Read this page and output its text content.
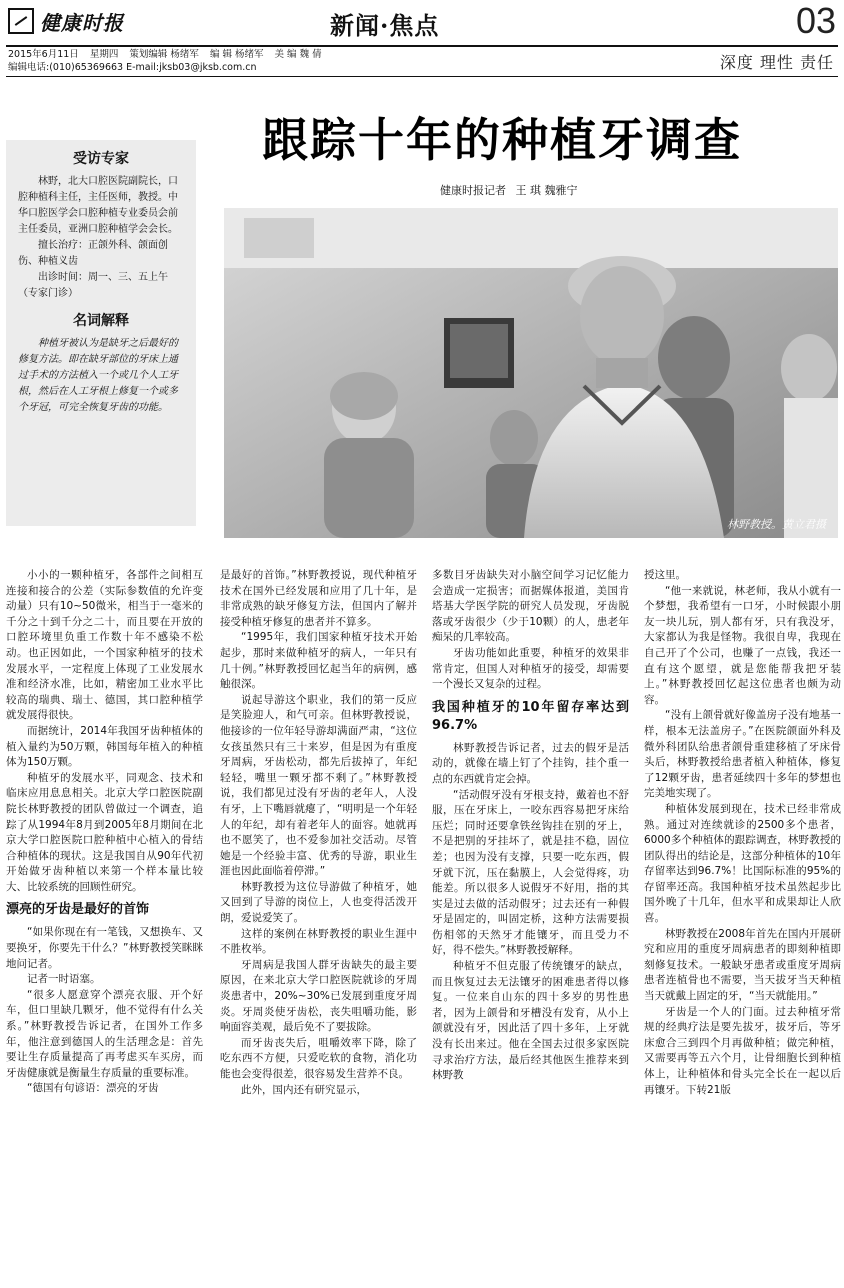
健康时报	新闻·焦点	03
2015年6月11日 星期四 策划编辑 杨绪军 编 辑 杨绪军 美 编 魏 倩
编辑电话:(010)65369663 E-mail:jksb03@jksb.com.cn	深度 理性 责任
受访专家

林野，北大口腔医院副院长，口腔种植科主任，主任医师，教授。中华口腔医学会口腔种植专业委员会前主任委员，亚洲口腔种植学会会长。

擅长治疗：正颌外科、颌面创伤、种植义齿

出诊时间：周一、三、五上午（专家门诊）

名词解释

种植牙被认为是缺牙之后最好的修复方法。即在缺牙部位的牙床上通过手术的方法植入一个或几个人工牙根，然后在人工牙根上修复一个或多个牙冠，可完全恢复牙齿的功能。

跟踪十年的种植牙调查
健康时报记者 王 琪 魏雅宁
林野教授。黄立君摄

小小的一颗种植牙，各部件之间相互连接和接合的公差（实际参数值的允许变动量）只有10~50微米，相当于一毫米的千分之十到千分之二十，而且要在开放的口腔环境里负重工作数十年不感染不松动。也正因如此，一个国家种植牙的技术发展水平，一定程度上体现了工业发展水准和经济水准，比如，精密加工业水平比较高的瑞典、瑞士、德国，其口腔种植学就发展得很快。

而据统计，2014年我国牙齿种植体的植入量约为50万颗，韩国每年植入的种植体为150万颗。

种植牙的发展水平，同观念、技术和临床应用息息相关。北京大学口腔医院副院长林野教授的团队曾做过一个调查，追踪了从1994年8月到2005年8月期间在北京大学口腔医院口腔种植中心植入的骨结合种植体的现状。这是我国自从90年代初开始做牙齿种植以来第一个样本量比较大、比较系统的回顾性研究。

漂亮的牙齿是最好的首饰

“如果你现在有一笔钱，又想换车、又要换牙，你要先干什么？”林野教授笑眯眯地问记者。

记者一时语塞。

“很多人愿意穿个漂亮衣服、开个好车，但口里缺几颗牙，他不觉得有什么关系。”林野教授告诉记者，在国外工作多年，他注意到德国人的生活理念是：首先要让生存质量提高了再考虑买车买房，而牙齿健康就是衡量生存质量的重要标准。

“德国有句谚语：漂亮的牙齿

是最好的首饰。”林野教授说，现代种植牙技术在国外已经发展和应用了几十年，是非常成熟的缺牙修复方法，但国内了解并接受种植牙修复的患者并不算多。

“1995年，我们国家种植牙技术开始起步，那时来做种植牙的病人，一年只有几十例。”林野教授回忆起当年的病例，感触很深。

说起导游这个职业，我们的第一反应是笑脸迎人，和气可亲。但林野教授说，他接诊的一位年轻导游却满面严肃，“这位女孩虽然只有三十来岁，但是因为有重度牙周病，牙齿松动，都先后拔掉了，年纪轻轻，嘴里一颗牙都不剩了。”林野教授说，我们都见过没有牙齿的老年人，人没有牙，上下嘴唇就瘪了，“明明是一个年轻人的年纪，却有着老年人的面容。她就再也不愿笑了，也不爱参加社交活动。尽管她是一个经验丰富、优秀的导游，职业生涯也因此面临着停滞。”

林野教授为这位导游做了种植牙，她又回到了导游的岗位上，人也变得活泼开朗，爱说爱笑了。

这样的案例在林野教授的职业生涯中不胜枚举。

牙周病是我国人群牙齿缺失的最主要原因，在来北京大学口腔医院就诊的牙周炎患者中，20%~30%已发展到重度牙周炎。牙周炎使牙齿松，丧失咀嚼功能，影响面容美观，最后免不了要拔除。

而牙齿丧失后，咀嚼效率下降，除了吃东西不方便，只爱吃软的食物，消化功能也会变得很差，很容易发生营养不良。

此外，国内还有研究显示，

多数目牙齿缺失对小脑空间学习记忆能力会造成一定损害；而据媒体报道，美国肯塔基大学医学院的研究人员发现，牙齿脱落或牙齿很少（少于10颗）的人，患老年痴呆的几率较高。

牙齿功能如此重要，种植牙的效果非常肯定，但国人对种植牙的接受，却需要一个漫长又复杂的过程。

我国种植牙的10年留存率达到96.7%

林野教授告诉记者，过去的假牙是活动的，就像在墙上钉了个挂钩，挂个重一点的东西就肯定会掉。

“活动假牙没有牙根支持，戴着也不舒服，压在牙床上，一咬东西容易把牙床给压烂；同时还要拿铁丝钩挂在别的牙上，不是把别的牙挂坏了，就是挂不稳，固位差；也因为没有支撑，只要一吃东西，假牙就下沉，压在黏膜上，人会觉得疼，功能差。所以很多人说假牙不好用，指的其实是过去做的活动假牙；过去还有一种假牙是固定的，叫固定桥，这种方法需要损伤相邻的天然牙才能镶牙，而且受力不好，得不偿失。”林野教授解释。

种植牙不但克服了传统镶牙的缺点，而且恢复过去无法镶牙的困难患者得以修复。一位来自山东的四十多岁的男性患者，因为上颌骨和牙槽没有发育，从小上颌就没有牙，因此活了四十多年，上牙就没有长出来过。他在全国去过很多家医院寻求治疗方法，最后经其他医生推荐来到林野教

授这里。

“他一来就说，林老师，我从小就有一个梦想，我希望有一口牙，小时候跟小朋友一块儿玩，别人都有牙，只有我没牙，大家都认为我是怪物。我很自卑，我现在自己开了个公司，也赚了一点钱，我还一直有这个愿望，就是您能帮我把牙装上。”林野教授回忆起这位患者也颇为动容。

“没有上颌骨就好像盖房子没有地基一样，根本无法盖房子。”在医院颌面外科及微外科团队给患者颌骨重建移植了牙床骨头后，林野教授给患者植入种植体，修复了12颗牙齿，患者延续四十多年的梦想也完美地实现了。

种植体发展到现在，技术已经非常成熟。通过对连续就诊的2500多个患者，6000多个种植体的跟踪调查，林野教授的团队得出的结论是，这部分种植体的10年存留率达到96.7%！比国际标准的95%的存留率还高。我国种植牙技术虽然起步比国外晚了十几年，但水平和成果却让人欣喜。

林野教授在2008年首先在国内开展研究和应用的重度牙周病患者的即刻种植即刻修复技术。一般缺牙患者或重度牙周病患者连植骨也不需要，当天拔牙当天种植当天就戴上固定的牙，“当天就能用。”

牙齿是一个人的门面。过去种植牙常规的经典疗法是要先拔牙，拔牙后，等牙床愈合三到四个月再做种植；做完种植，又需要再等五六个月，让骨细胞长到种植体上，让种植体和骨头完全长在一起以后再镶牙。下转21版
